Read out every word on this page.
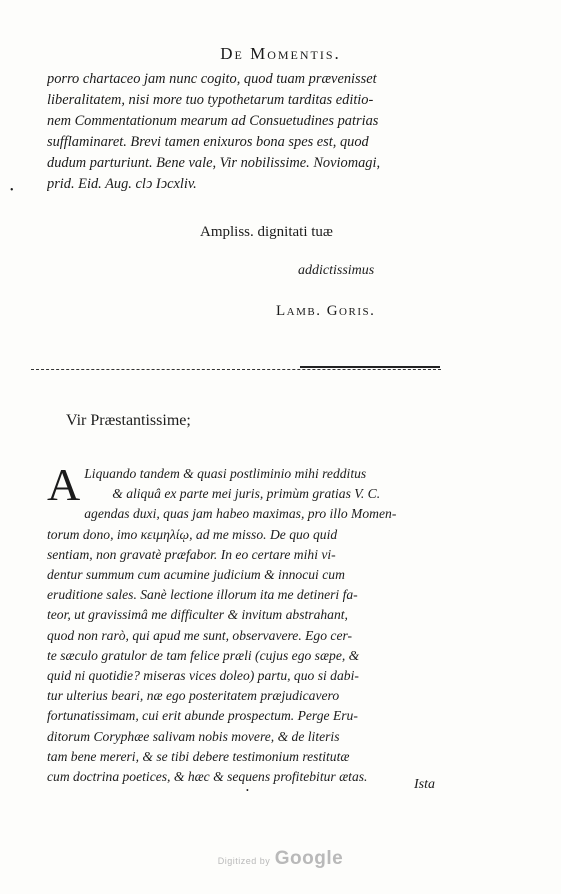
De Momentis.
porro chartaceo jam nunc cogito, quod tuam prævenisset
liberalitatem, nisi more tuo typothetarum tarditas editio-
nem Commentationum mearum ad Consuetudines patrias
sufflaminaret. Brevi tamen enixuros bona spes est, quod
dudum parturiunt. Bene vale, Vir nobilissime. Noviomagi,
prid. Eid. Aug. clↄ Iↄcxliv.
•
Ampliss. dignitati tuæ
addictissimus
Lamb. Goris.
Vir Præstantissime;
A Liquando tandem & quasi postliminio mihi redditus
& aliquâ ex parte mei juris, primùm gratias V. C.
agendas duxi, quas jam habeo maximas, pro illo Momen-
torum dono, imo κειμηλίῳ, ad me misso. De quo quid
sentiam, non gravatè præfabor. In eo certare mihi vi-
dentur summum cum acumine judicium & innocui cum
eruditione sales. Sanè lectione illorum ita me detineri fa-
teor, ut gravissimâ me difficulter & invitum abstrahant,
quod non rarò, qui apud me sunt, observavere. Ego cer-
te sæculo gratulor de tam felice præli (cujus ego sæpe, &
quid ni quotidie? miseras vices doleo) partu, quo si dabi-
tur ulterius beari, næ ego posteritatem præjudicavero
fortunatissimam, cui erit abunde prospectum. Perge Eru-
ditorum Coryphæe salivam nobis movere, & de literis
tam bene mereri, & se tibi debere testimonium restitutæ
cum doctrina poetices, & hæc & sequens profitebitur ætas.
•	Ista
Digitized by Google
